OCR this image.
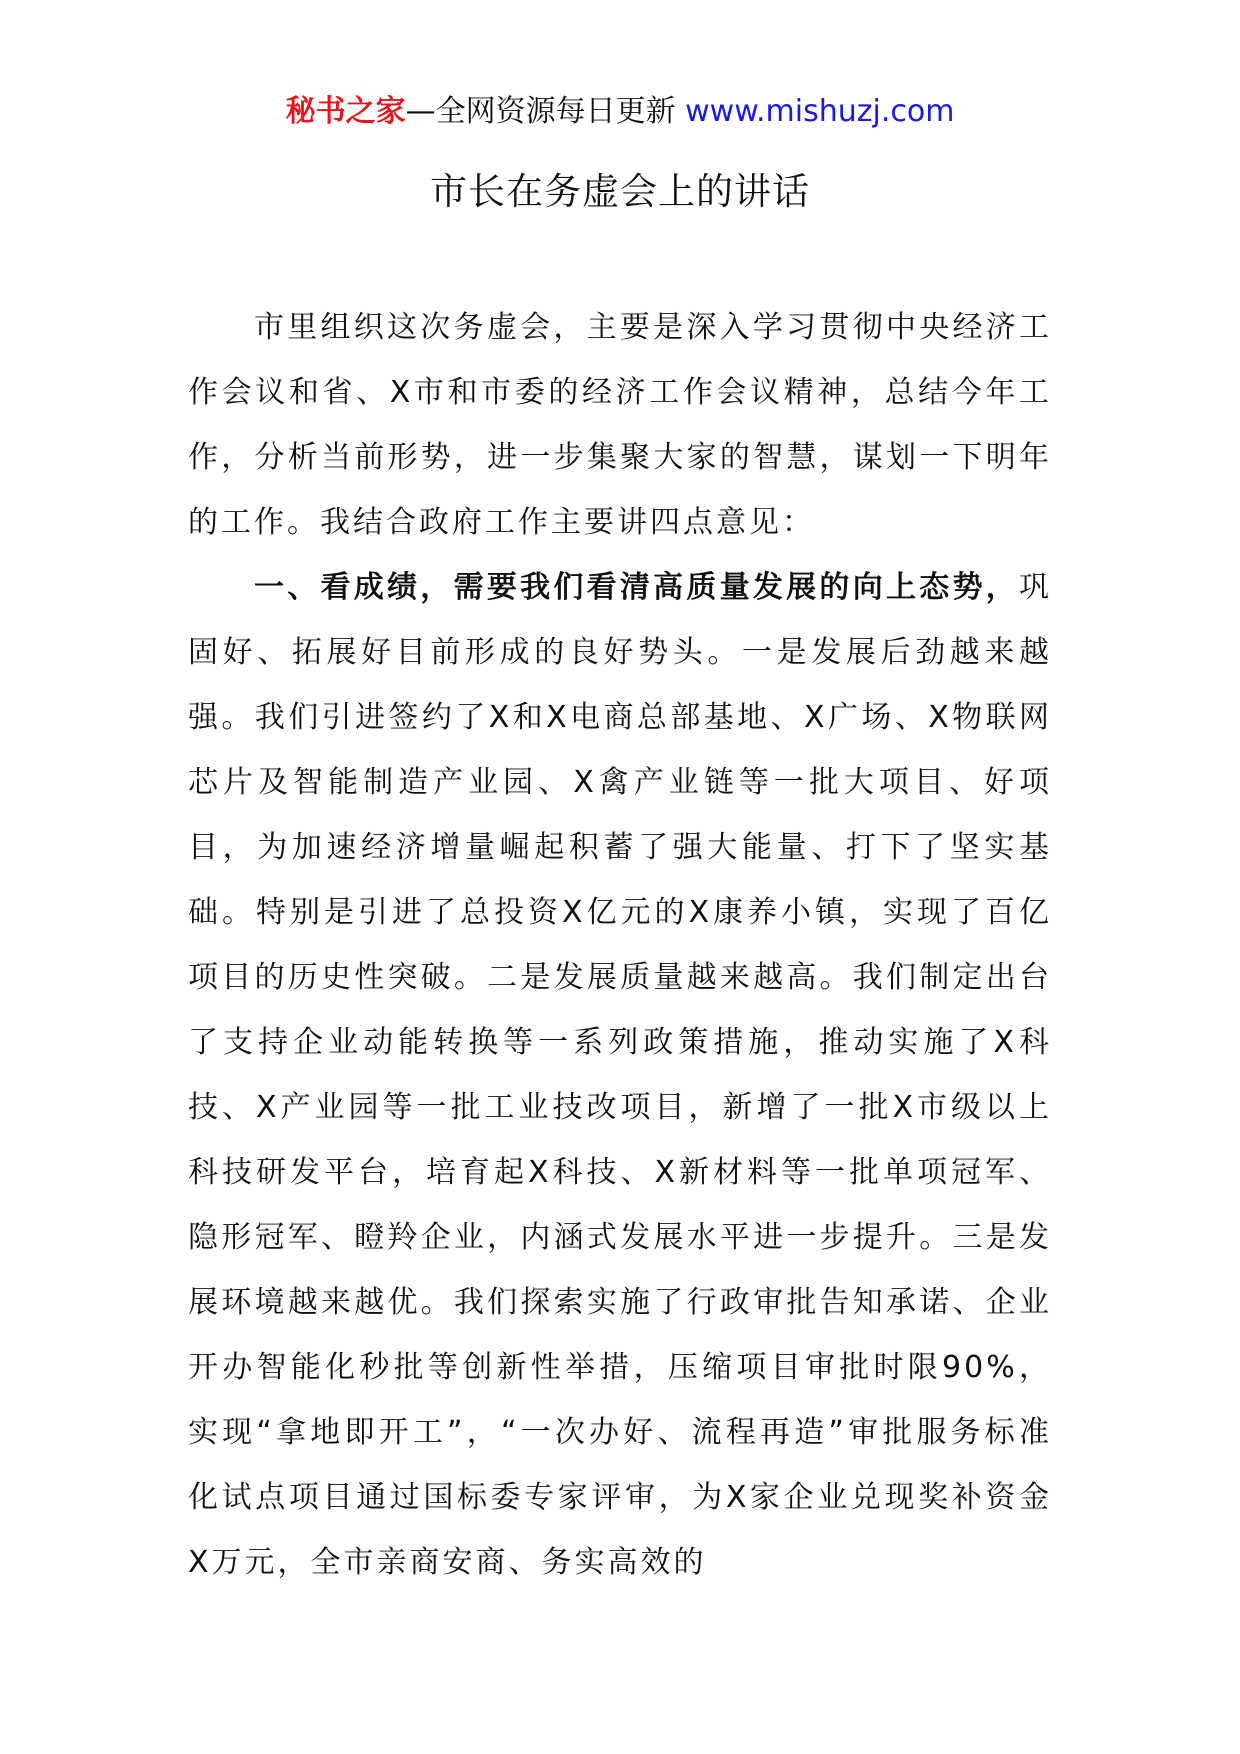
秘书之家—全网资源每日更新 www.mishuzj.com
市长在务虚会上的讲话

市里组织这次务虚会，主要是深入学习贯彻中央经济工作会议和省、X市和市委的经济工作会议精神，总结今年工作，分析当前形势，进一步集聚大家的智慧，谋划一下明年的工作。我结合政府工作主要讲四点意见：

一、看成绩，需要我们看清高质量发展的向上态势，巩固好、拓展好目前形成的良好势头。一是发展后劲越来越强。我们引进签约了X和X电商总部基地、X广场、X物联网芯片及智能制造产业园、X禽产业链等一批大项目、好项目，为加速经济增量崛起积蓄了强大能量、打下了坚实基础。特别是引进了总投资X亿元的X康养小镇，实现了百亿项目的历史性突破。二是发展质量越来越高。我们制定出台了支持企业动能转换等一系列政策措施，推动实施了X科技、X产业园等一批工业技改项目，新增了一批X市级以上科技研发平台，培育起X科技、X新材料等一批单项冠军、隐形冠军、瞪羚企业，内涵式发展水平进一步提升。三是发展环境越来越优。我们探索实施了行政审批告知承诺、企业开办智能化秒批等创新性举措，压缩项目审批时限90%，实现“拿地即开工”，“一次办好、流程再造”审批服务标准化试点项目通过国标委专家评审，为X家企业兑现奖补资金X万元，全市亲商安商、务实高效的
